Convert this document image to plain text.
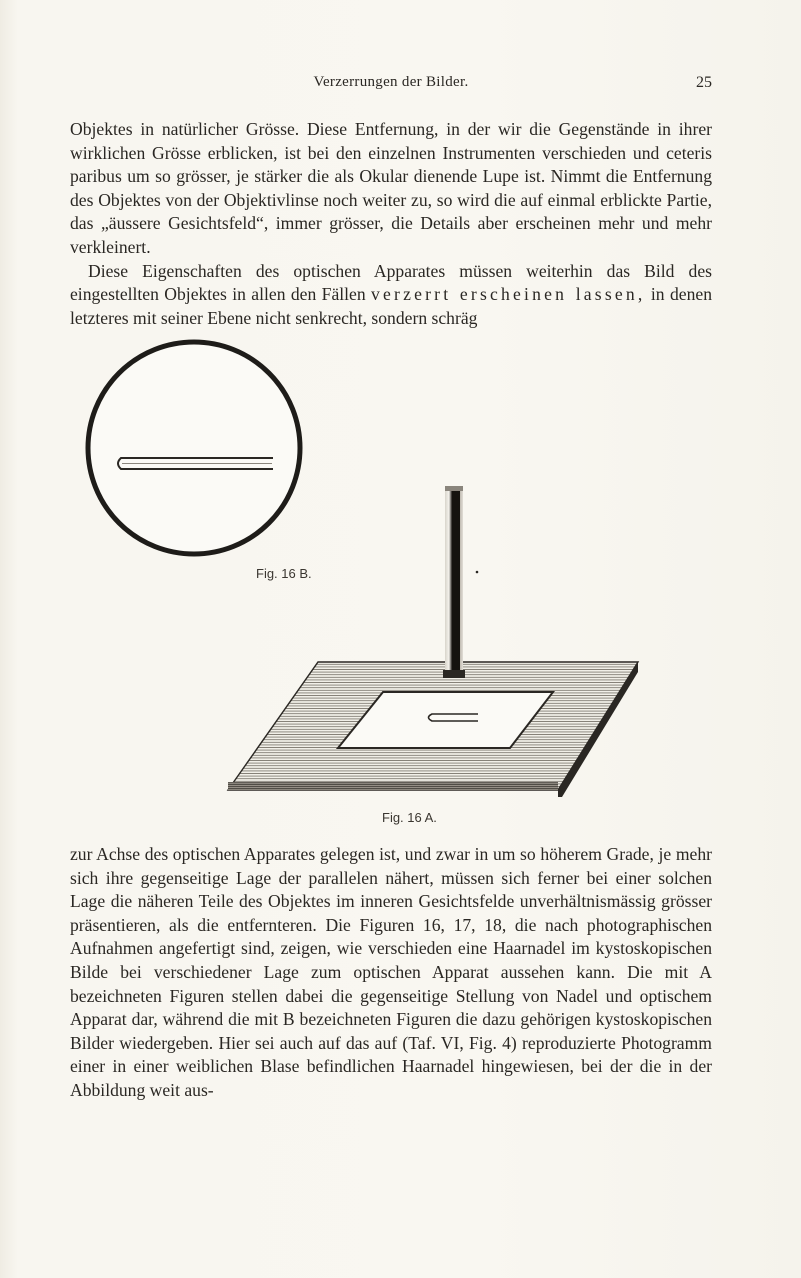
Verzerrungen der Bilder.	25

Objektes in natürlicher Grösse. Diese Entfernung, in der wir die Gegenstände in ihrer wirklichen Grösse erblicken, ist bei den einzelnen Instrumenten verschieden und ceteris paribus um so grösser, je stärker die als Okular dienende Lupe ist. Nimmt die Entfernung des Objektes von der Objektivlinse noch weiter zu, so wird die auf einmal erblickte Partie, das „äussere Gesichtsfeld“, immer grösser, die Details aber erscheinen mehr und mehr verkleinert.

Diese Eigenschaften des optischen Apparates müssen weiterhin das Bild des eingestellten Objektes in allen den Fällen verzerrt erscheinen lassen, in denen letzteres mit seiner Ebene nicht senkrecht, sondern schräg

Fig. 16 B.
Fig. 16 A.

zur Achse des optischen Apparates gelegen ist, und zwar in um so höherem Grade, je mehr sich ihre gegenseitige Lage der parallelen nähert, müssen sich ferner bei einer solchen Lage die näheren Teile des Objektes im inneren Gesichtsfelde unverhältnismässig grösser präsentieren, als die entfernteren. Die Figuren 16, 17, 18, die nach photographischen Aufnahmen angefertigt sind, zeigen, wie verschieden eine Haarnadel im kystoskopischen Bilde bei verschiedener Lage zum optischen Apparat aussehen kann. Die mit A bezeichneten Figuren stellen dabei die gegenseitige Stellung von Nadel und optischem Apparat dar, während die mit B bezeichneten Figuren die dazu gehörigen kystoskopischen Bilder wiedergeben. Hier sei auch auf das auf (Taf. VI, Fig. 4) reproduzierte Photogramm einer in einer weiblichen Blase befindlichen Haarnadel hingewiesen, bei der die in der Abbildung weit aus-
